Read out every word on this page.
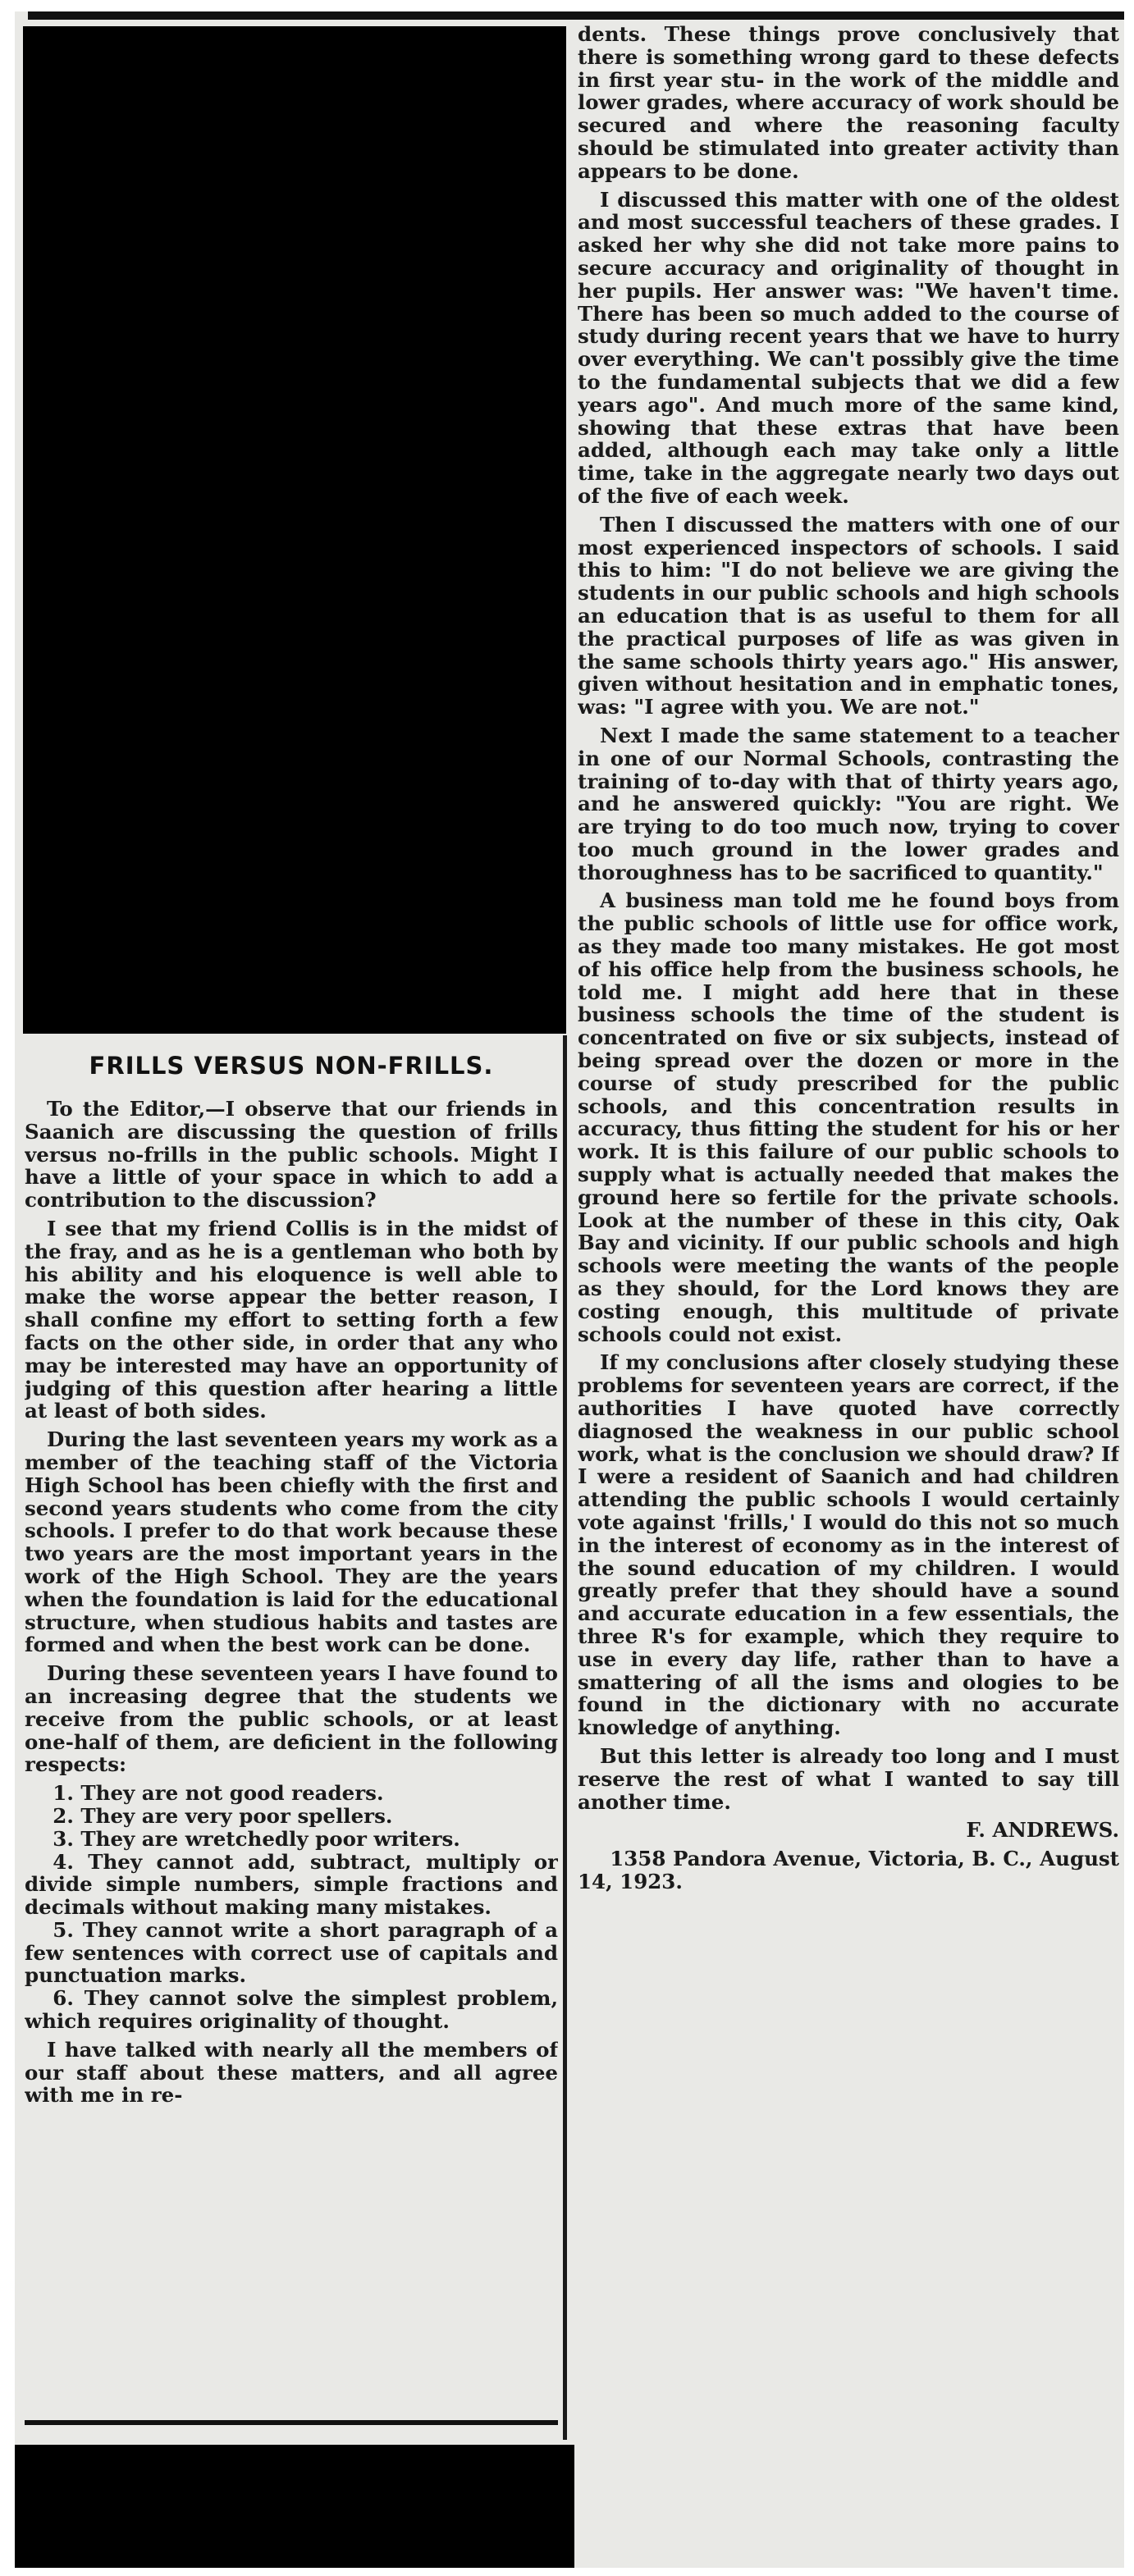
FRILLS VERSUS NON-FRILLS.

To the Editor,—I observe that our friends in Saanich are discussing the question of frills versus no-frills in the public schools. Might I have a little of your space in which to add a contribution to the discussion?

I see that my friend Collis is in the midst of the fray, and as he is a gentleman who both by his ability and his eloquence is well able to make the worse appear the better reason, I shall confine my effort to setting forth a few facts on the other side, in order that any who may be interested may have an opportunity of judging of this question after hearing a little at least of both sides.

During the last seventeen years my work as a member of the teaching staff of the Victoria High School has been chiefly with the first and second years students who come from the city schools. I prefer to do that work because these two years are the most important years in the work of the High School. They are the years when the foundation is laid for the educational structure, when studious habits and tastes are formed and when the best work can be done.

During these seventeen years I have found to an increasing degree that the students we receive from the public schools, or at least one-half of them, are deficient in the following respects:

1. They are not good readers.

2. They are very poor spellers.

3. They are wretchedly poor writers.

4. They cannot add, subtract, multiply or divide simple numbers, simple fractions and decimals without making many mistakes.

5. They cannot write a short paragraph of a few sentences with correct use of capitals and punctuation marks.

6. They cannot solve the simplest problem, which requires originality of thought.

I have talked with nearly all the members of our staff about these matters, and all agree with me in re-

dents. These things prove conclusively that there is something wrong gard to these defects in first year stu- in the work of the middle and lower grades, where accuracy of work should be secured and where the reasoning faculty should be stimulated into greater activity than appears to be done.

I discussed this matter with one of the oldest and most successful teachers of these grades. I asked her why she did not take more pains to secure accuracy and originality of thought in her pupils. Her answer was: "We haven't time. There has been so much added to the course of study during recent years that we have to hurry over everything. We can't possibly give the time to the fundamental subjects that we did a few years ago". And much more of the same kind, showing that these extras that have been added, although each may take only a little time, take in the aggregate nearly two days out of the five of each week.

Then I discussed the matters with one of our most experienced inspectors of schools. I said this to him: "I do not believe we are giving the students in our public schools and high schools an education that is as useful to them for all the practical purposes of life as was given in the same schools thirty years ago." His answer, given without hesitation and in emphatic tones, was: "I agree with you. We are not."

Next I made the same statement to a teacher in one of our Normal Schools, contrasting the training of to-day with that of thirty years ago, and he answered quickly: "You are right. We are trying to do too much now, trying to cover too much ground in the lower grades and thoroughness has to be sacrificed to quantity."

A business man told me he found boys from the public schools of little use for office work, as they made too many mistakes. He got most of his office help from the business schools, he told me. I might add here that in these business schools the time of the student is concentrated on five or six subjects, instead of being spread over the dozen or more in the course of study prescribed for the public schools, and this concentration results in accuracy, thus fitting the student for his or her work. It is this failure of our public schools to supply what is actually needed that makes the ground here so fertile for the private schools. Look at the number of these in this city, Oak Bay and vicinity. If our public schools and high schools were meeting the wants of the people as they should, for the Lord knows they are costing enough, this multitude of private schools could not exist.

If my conclusions after closely studying these problems for seventeen years are correct, if the authorities I have quoted have correctly diagnosed the weakness in our public school work, what is the conclusion we should draw? If I were a resident of Saanich and had children attending the public schools I would certainly vote against 'frills,' I would do this not so much in the interest of economy as in the interest of the sound education of my children. I would greatly prefer that they should have a sound and accurate education in a few essentials, the three R's for example, which they require to use in every day life, rather than to have a smattering of all the isms and ologies to be found in the dictionary with no accurate knowledge of anything.

But this letter is already too long and I must reserve the rest of what I wanted to say till another time.

F. ANDREWS.

1358 Pandora Avenue, Victoria, B. C., August 14, 1923.
